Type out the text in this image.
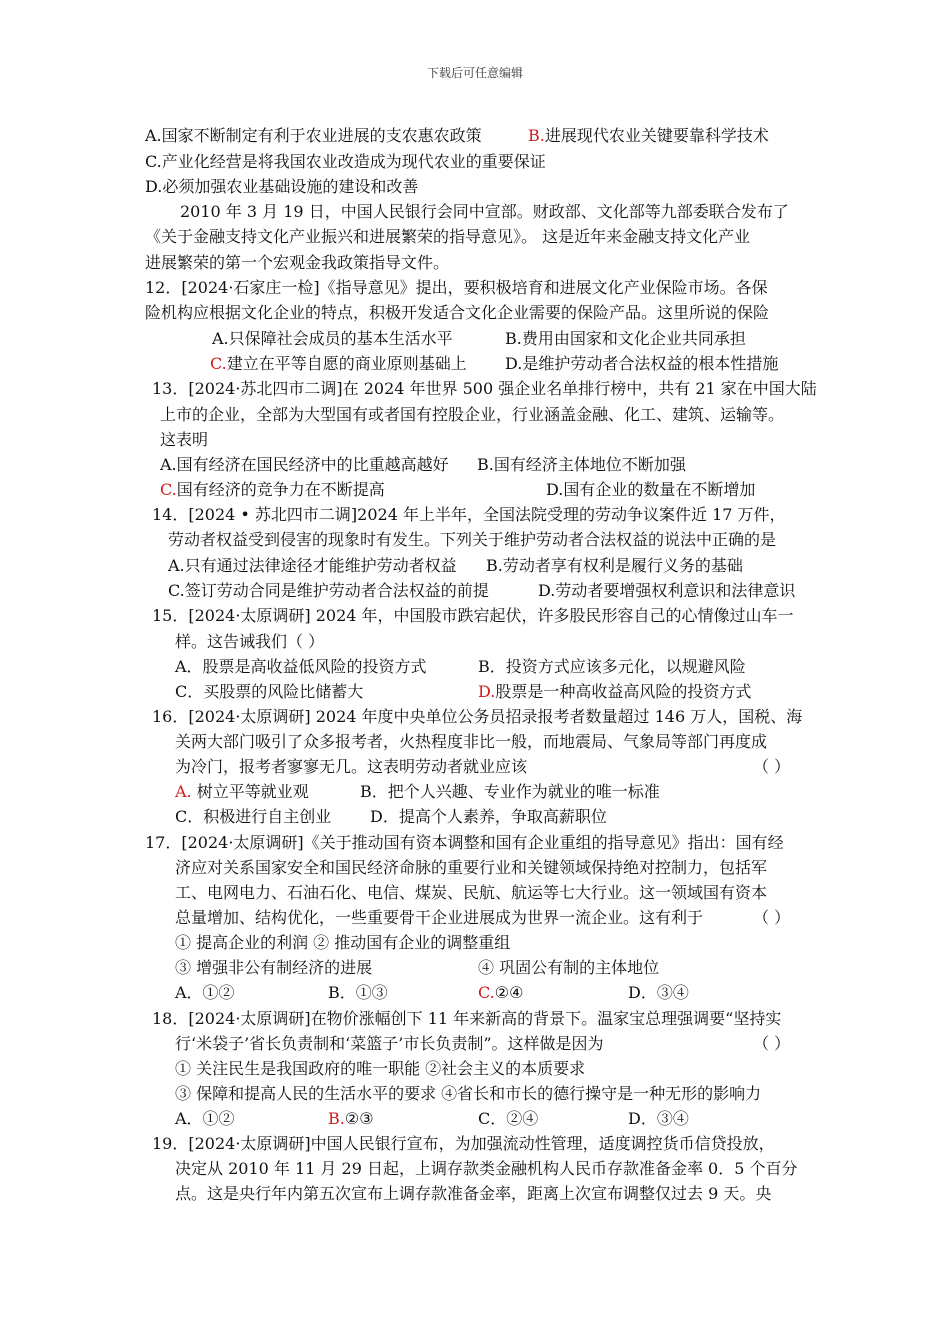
下载后可任意编辑
A.国家不断制定有利于农业进展的支农惠农政策	B. 进展现代农业关键要靠科学技术
C.产业化经营是将我国农业改造成为现代农业的重要保证
D.必须加强农业基础设施的建设和改善
2010 年 3 月 19 日，中国人民银行会同中宣部。财政部、文化部等九部委联合发布了
《关于金融支持文化产业振兴和进展繁荣的指导意见》。 这是近年来金融支持文化产业
进展繁荣的第一个宏观金我政策指导文件。
12．[2024·石家庄一检]《指导意见》提出，要积极培育和进展文化产业保险市场。各保
险机构应根据文化企业的特点，积极开发适合文化企业需要的保险产品。这里所说的保险
A.只保障社会成员的基本生活水平	B.费用由国家和文化企业共同承担
C.建立在平等自愿的商业原则基础上 D.是维护劳动者合法权益的根本性措施
13．[2024·苏北四市二调]在 2024 年世界 500 强企业名单排行榜中，共有 21 家在中国大陆
上市的企业，全部为大型国有或者国有控股企业，行业涵盖金融、化工、建筑、运输等。
这表明
A.国有经济在国民经济中的比重越高越好 B.国有经济主体地位不断加强
C.国有经济的竞争力在不断提高	D.国有企业的数量在不断增加
14．[2024 • 苏北四市二调]2024 年上半年，全国法院受理的劳动争议案件近 17 万件，
劳动者权益受到侵害的现象时有发生。下列关于维护劳动者合法权益的说法中正确的是
A.只有通过法律途径才能维护劳动者权益 B.劳动者享有权利是履行义务的基础
C.签订劳动合同是维护劳动者合法权益的前提	D.劳动者要增强权利意识和法律意识
15．[2024·太原调研] 2024 年，中国股市跌宕起伏，许多股民形容自己的心情像过山车一
样。这告诫我们（ ）
A．股票是高收益低风险的投资方式	B．投资方式应该多元化，以规避风险
C．买股票的风险比储蓄大	D. 股票是一种高收益高风险的投资方式
16．[2024·太原调研] 2024 年度中央单位公务员招录报考者数量超过 146 万人，国税、海
关两大部门吸引了众多报考者，火热程度非比一般，而地震局、气象局等部门再度成
为冷门，报考者寥寥无几。这表明劳动者就业应该	（ ）
A. 树立平等就业观	B．把个人兴趣、专业作为就业的唯一标准
C．积极进行自主创业 D．提高个人素养，争取高薪职位
17．[2024·太原调研]《关于推动国有资本调整和国有企业重组的指导意见》指出：国有经
济应对关系国家安全和国民经济命脉的重要行业和关键领域保持绝对控制力，包括军
工、电网电力、石油石化、电信、煤炭、民航、航运等七大行业。这一领域国有资本
总量增加、结构优化，一些重要骨干企业进展成为世界一流企业。这有利于	（ ）
① 提高企业的利润 ② 推动国有企业的调整重组
③ 增强非公有制经济的进展	④ 巩固公有制的主体地位
A．①②	B．①③	C. ②④	D．③④
18．[2024·太原调研]在物价涨幅创下 11 年来新高的背景下。温家宝总理强调要“坚持实
行‘米袋子’省长负责制和‘菜篮子’市长负责制”。这样做是因为	（ ）
① 关注民生是我国政府的唯一职能 ②社会主义的本质要求
③ 保障和提高人民的生活水平的要求 ④省长和市长的德行操守是一种无形的影响力
A．①②	B. ②③	C．②④	D．③④
19．[2024·太原调研]中国人民银行宣布，为加强流动性管理，适度调控货币信贷投放，
决定从 2010 年 11 月 29 日起，上调存款类金融机构人民币存款准备金率 0．5 个百分
点。这是央行年内第五次宣布上调存款准备金率，距离上次宣布调整仅过去 9 天。央
